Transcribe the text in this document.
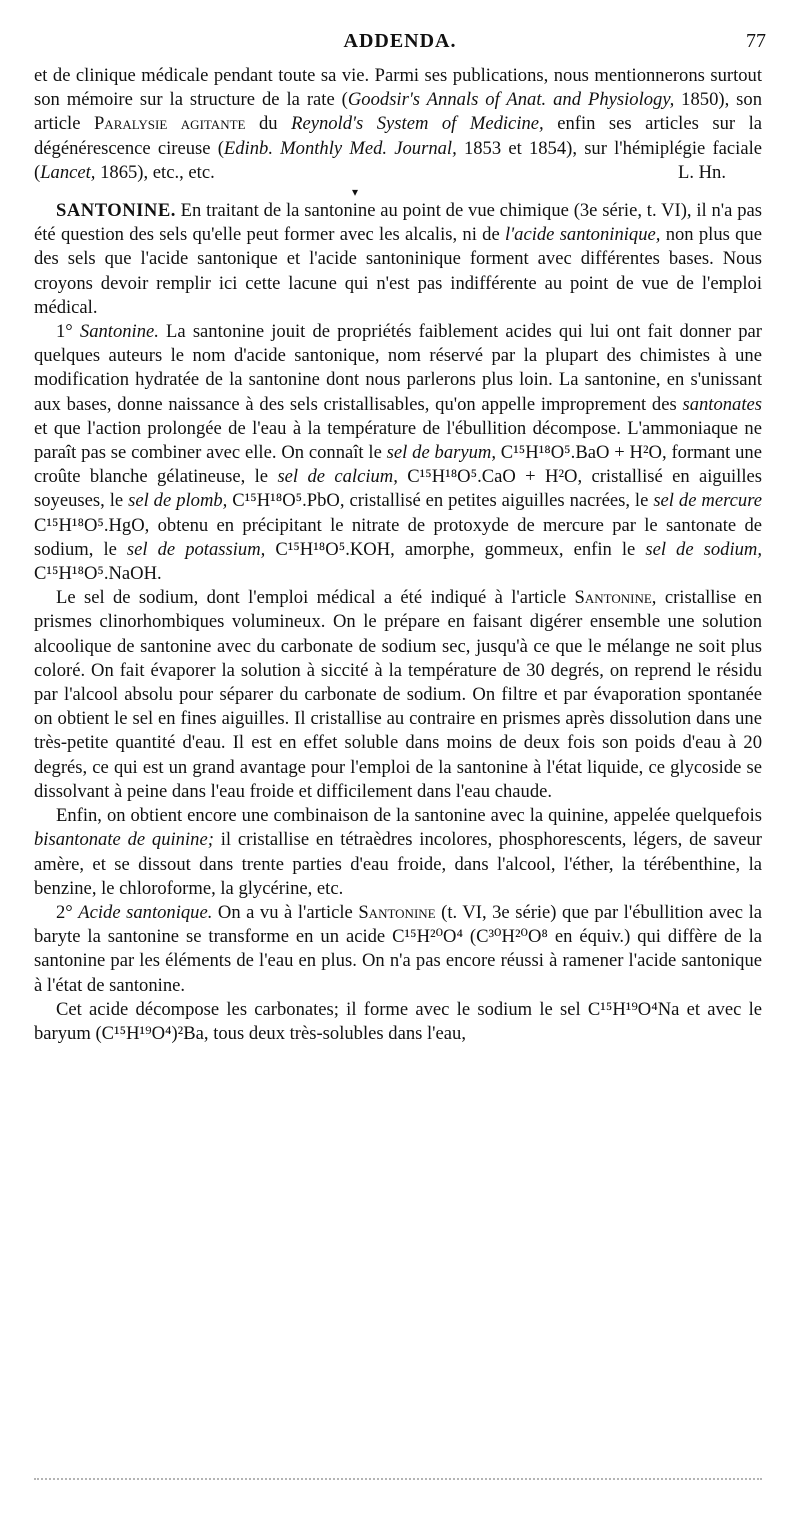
ADDENDA.	77

et de clinique médicale pendant toute sa vie. Parmi ses publications, nous mentionnerons surtout son mémoire sur la structure de la rate (Goodsir's Annals of Anat. and Physiology, 1850), son article Paralysie agitante du Reynold's System of Medicine, enfin ses articles sur la dégénérescence cireuse (Edinb. Monthly Med. Journal, 1853 et 1854), sur l'hémiplégie faciale (Lancet, 1865), etc., etc.	L. Hn.

▾

SANTONINE. En traitant de la santonine au point de vue chimique (3e série, t. VI), il n'a pas été question des sels qu'elle peut former avec les alcalis, ni de l'acide santoninique, non plus que des sels que l'acide santonique et l'acide santoninique forment avec différentes bases. Nous croyons devoir remplir ici cette lacune qui n'est pas indifférente au point de vue de l'emploi médical.

1° Santonine. La santonine jouit de propriétés faiblement acides qui lui ont fait donner par quelques auteurs le nom d'acide santonique, nom réservé par la plupart des chimistes à une modification hydratée de la santonine dont nous parlerons plus loin. La santonine, en s'unissant aux bases, donne naissance à des sels cristallisables, qu'on appelle improprement des santonates et que l'action prolongée de l'eau à la température de l'ébullition décompose. L'ammoniaque ne paraît pas se combiner avec elle. On connaît le sel de baryum, C¹⁵H¹⁸O⁵.BaO + H²O, formant une croûte blanche gélatineuse, le sel de calcium, C¹⁵H¹⁸O⁵.CaO + H²O, cristallisé en aiguilles soyeuses, le sel de plomb, C¹⁵H¹⁸O⁵.PbO, cristallisé en petites aiguilles nacrées, le sel de mercure C¹⁵H¹⁸O⁵.HgO, obtenu en précipitant le nitrate de protoxyde de mercure par le santonate de sodium, le sel de potassium, C¹⁵H¹⁸O⁵.KOH, amorphe, gommeux, enfin le sel de sodium, C¹⁵H¹⁸O⁵.NaOH.

Le sel de sodium, dont l'emploi médical a été indiqué à l'article Santonine, cristallise en prismes clinorhombiques volumineux. On le prépare en faisant digérer ensemble une solution alcoolique de santonine avec du carbonate de sodium sec, jusqu'à ce que le mélange ne soit plus coloré. On fait évaporer la solution à siccité à la température de 30 degrés, on reprend le résidu par l'alcool absolu pour séparer du carbonate de sodium. On filtre et par évaporation spontanée on obtient le sel en fines aiguilles. Il cristallise au contraire en prismes après dissolution dans une très-petite quantité d'eau. Il est en effet soluble dans moins de deux fois son poids d'eau à 20 degrés, ce qui est un grand avantage pour l'emploi de la santonine à l'état liquide, ce glycoside se dissolvant à peine dans l'eau froide et difficilement dans l'eau chaude.

Enfin, on obtient encore une combinaison de la santonine avec la quinine, appelée quelquefois bisantonate de quinine; il cristallise en tétraèdres incolores, phosphorescents, légers, de saveur amère, et se dissout dans trente parties d'eau froide, dans l'alcool, l'éther, la térébenthine, la benzine, le chloroforme, la glycérine, etc.

2° Acide santonique. On a vu à l'article Santonine (t. VI, 3e série) que par l'ébullition avec la baryte la santonine se transforme en un acide C¹⁵H²⁰O⁴ (C³⁰H²⁰O⁸ en équiv.) qui diffère de la santonine par les éléments de l'eau en plus. On n'a pas encore réussi à ramener l'acide santonique à l'état de santonine.

Cet acide décompose les carbonates; il forme avec le sodium le sel C¹⁵H¹⁹O⁴Na et avec le baryum (C¹⁵H¹⁹O⁴)²Ba, tous deux très-solubles dans l'eau,
